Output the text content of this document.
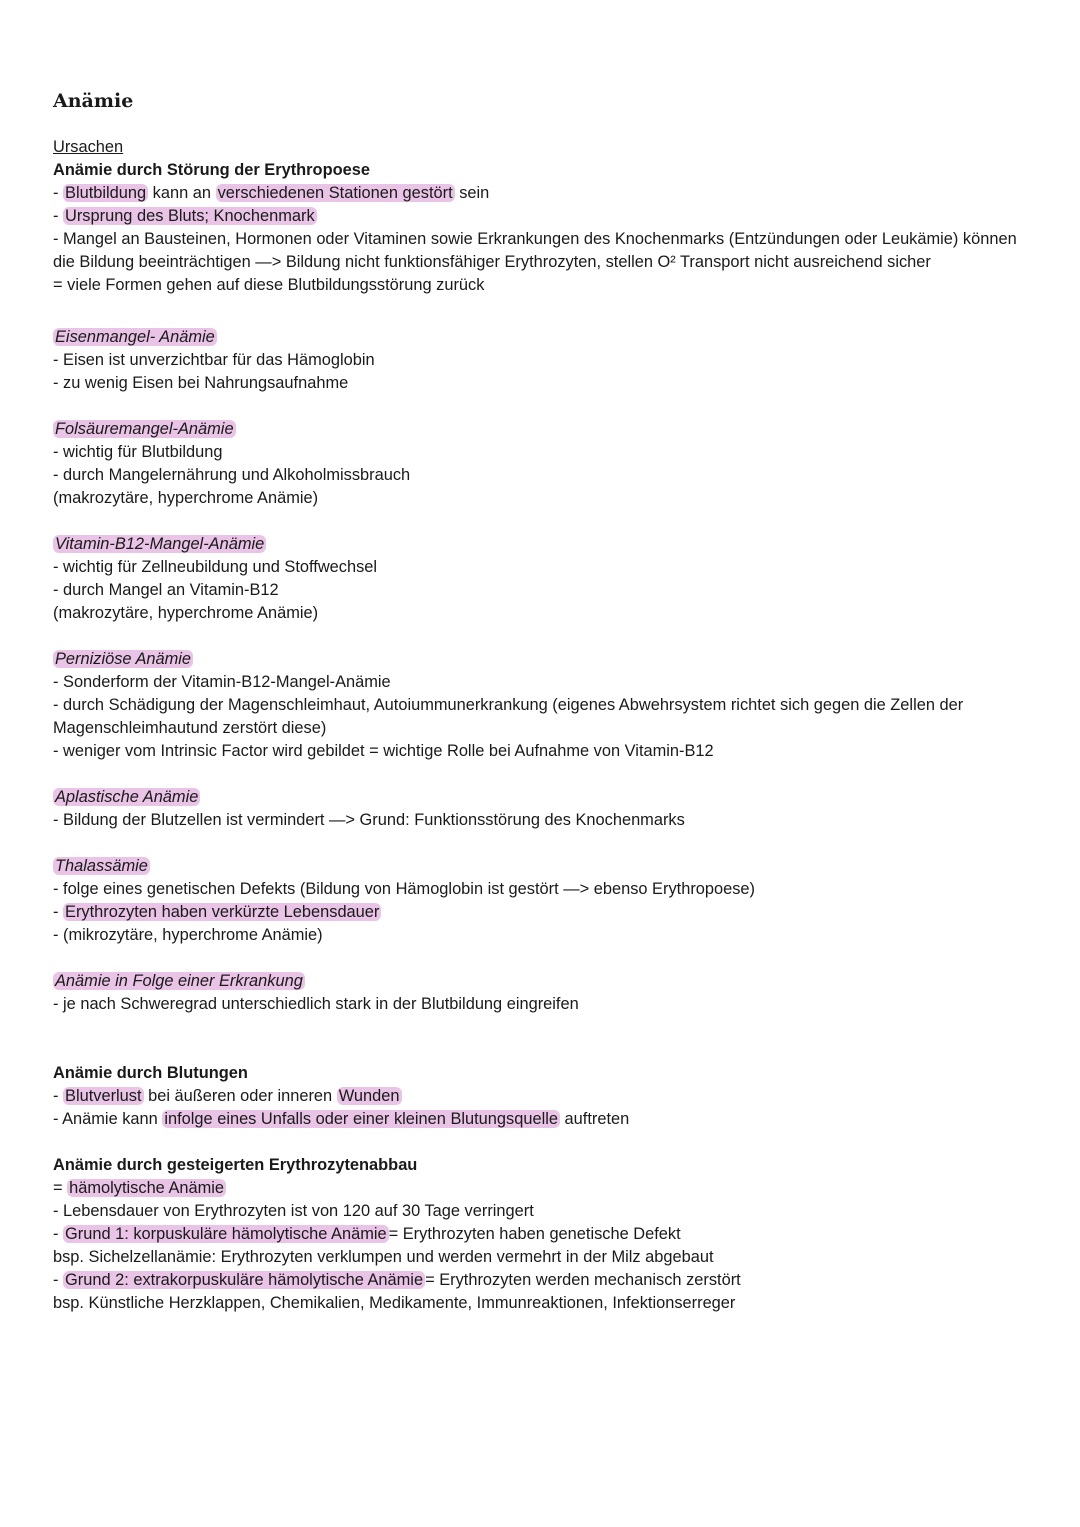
Anämie

Ursachen

Anämie durch Störung der Erythropoese

- Blutbildung kann an verschiedenen Stationen gestört sein

- Ursprung des Bluts; Knochenmark

- Mangel an Bausteinen, Hormonen oder Vitaminen sowie Erkrankungen des Knochenmarks (Entzündungen oder Leukämie) können die Bildung beeinträchtigen —> Bildung nicht funktionsfähiger Erythrozyten, stellen O² Transport nicht ausreichend sicher

= viele Formen gehen auf diese Blutbildungsstörung zurück

Eisenmangel- Anämie

- Eisen ist unverzichtbar für das Hämoglobin

- zu wenig Eisen bei Nahrungsaufnahme

Folsäuremangel-Anämie

- wichtig für Blutbildung

- durch Mangelernährung und Alkoholmissbrauch

(makrozytäre, hyperchrome Anämie)

Vitamin-B12-Mangel-Anämie

- wichtig für Zellneubildung und Stoffwechsel

- durch Mangel an Vitamin-B12

(makrozytäre, hyperchrome Anämie)

Perniziöse Anämie

- Sonderform der Vitamin-B12-Mangel-Anämie

- durch Schädigung der Magenschleimhaut, Autoiummunerkrankung (eigenes Abwehrsystem richtet sich gegen die Zellen der Magenschleimhautund zerstört diese)

- weniger vom Intrinsic Factor wird gebildet = wichtige Rolle bei Aufnahme von Vitamin-B12

Aplastische Anämie

- Bildung der Blutzellen ist vermindert —> Grund: Funktionsstörung des Knochenmarks

Thalassämie

- folge eines genetischen Defekts (Bildung von Hämoglobin ist gestört —> ebenso Erythropoese)

- Erythrozyten haben verkürzte Lebensdauer

- (mikrozytäre, hyperchrome Anämie)

Anämie in Folge einer Erkrankung

- je nach Schweregrad unterschiedlich stark in der Blutbildung eingreifen

Anämie durch Blutungen

- Blutverlust bei äußeren oder inneren Wunden

- Anämie kann infolge eines Unfalls oder einer kleinen Blutungsquelle auftreten

Anämie durch gesteigerten Erythrozytenabbau

= hämolytische Anämie

- Lebensdauer von Erythrozyten ist von 120 auf 30 Tage verringert

- Grund 1: korpuskuläre hämolytische Anämie = Erythrozyten haben genetische Defekt

bsp. Sichelzellanämie: Erythrozyten verklumpen und werden vermehrt in der Milz abgebaut

- Grund 2: extrakorpuskuläre hämolytische Anämie = Erythrozyten werden mechanisch zerstört

bsp. Künstliche Herzklappen, Chemikalien, Medikamente, Immunreaktionen, Infektionserreger
